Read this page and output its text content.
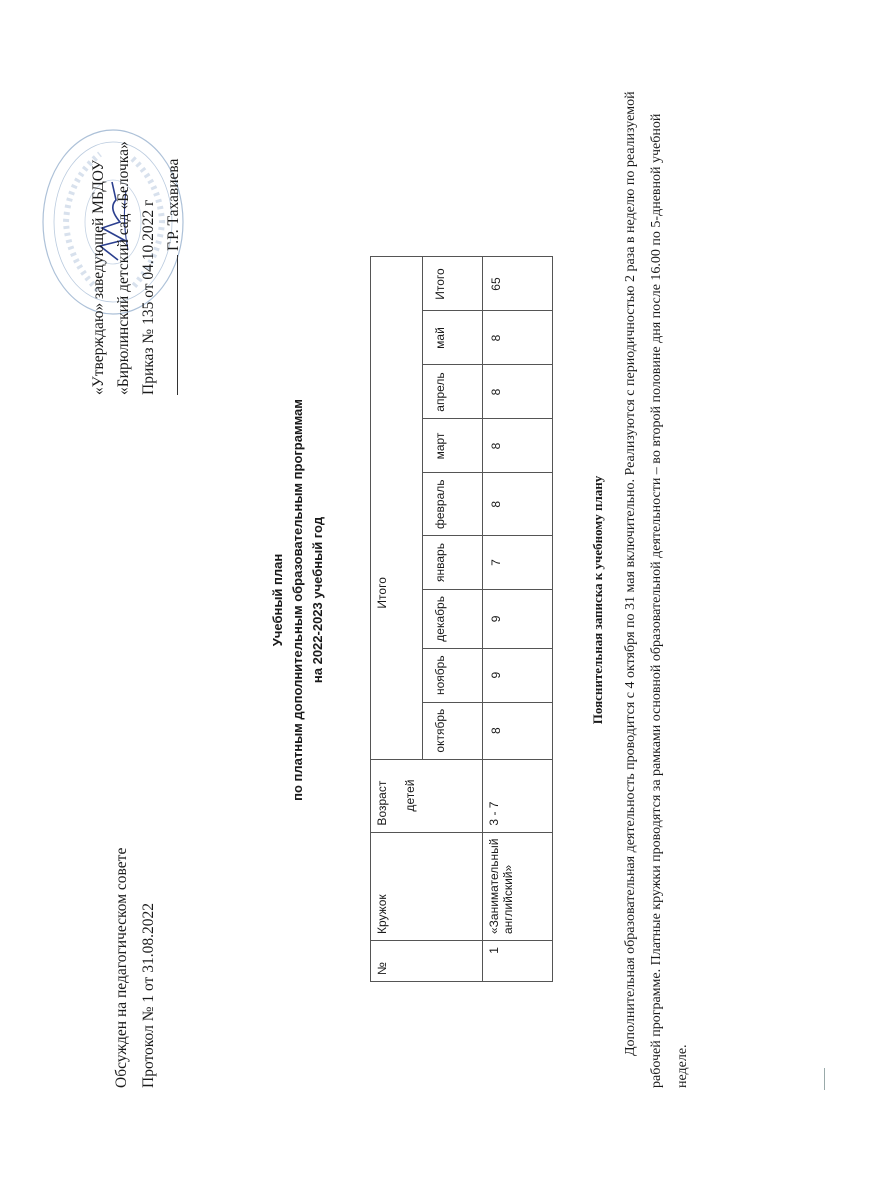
Обсужден на педагогическом совете Протокол № 1 от 31.08.2022
«Утверждаю» заведующей МБДОУ «Бирюлинский детский сад «Белочка» Приказ № 135 от 04.10.2022 г Г.Р. Тахавиева
Учебный план по платным дополнительным образовательным программам на 2022-2023 учебный год
№	Кружок	Возраст детей	Итого								

			октябрь	ноябрь	декабрь	январь	февраль	март	апрель	май	Итого

1	«Занимательный английский»	3 - 7	8	9	9	7	8	8	8	8	65
Пояснительная записка к учебному плану	Дополнительная образовательная деятельность проводится с 4 октября по 31 мая включительно. Реализуются с периодичностью 2 раза в неделю по реализуемой рабочей программе. Платные кружки проводятся за рамками основной образовательной деятельности – во второй половине дня после 16.00 по 5-дневной учебной неделе.
